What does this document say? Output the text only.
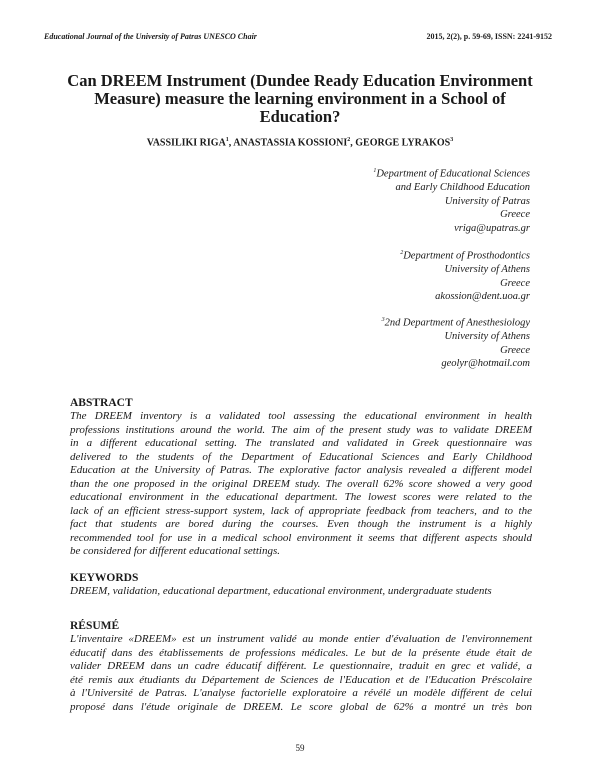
Educational Journal of the University of Patras UNESCO Chair	2015, 2(2), p. 59-69, ISSN: 2241-9152
Can DREEM Instrument (Dundee Ready Education Environment
Measure) measure the learning environment in a School of
Education?
VASSILIKI RIGA$^1$, ANASTASSIA KOSSIONI$^2$, GEORGE LYRAKOS$^3$
$^1$Department of Educational Sciences
and Early Childhood Education
University of Patras
Greece
vriga@upatras.gr
$^2$Department of Prosthodontics
University of Athens
Greece
akossion@dent.uoa.gr
$^3$2nd Department of Anesthesiology
University of Athens
Greece
geolyr@hotmail.com
ABSTRACT
The DREEM inventory is a validated tool assessing the educational environment in health
professions institutions around the world. The aim of the present study was to validate DREEM
in a different educational setting. The translated and validated in Greek questionnaire was
delivered to the students of the Department of Educational Sciences and Early Childhood
Education at the University of Patras. The explorative factor analysis revealed a different model
than the one proposed in the original DREEM study. The overall 62% score showed a very good
educational environment in the educational department. The lowest scores were related to the
lack of an efficient stress-support system, lack of appropriate feedback from teachers, and to the
fact that students are bored during the courses. Even though the instrument is a highly
recommended tool for use in a medical school environment it seems that different aspects should
be considered for different educational settings.
KEYWORDS
DREEM, validation, educational department, educational environment, undergraduate students
RÉSUMÉ
L'inventaire «DREEM» est un instrument validé au monde entier d'évaluation de l'environnement
éducatif dans des établissements de professions médicales. Le but de la présente étude était de
valider DREEM dans un cadre éducatif différent. Le questionnaire, traduit en grec et validé, a
été remis aux étudiants du Département de Sciences de l'Education et de l'Education Préscolaire
à l'Université de Patras. L'analyse factorielle exploratoire a révélé un modèle différent de celui
proposé dans l'étude originale de DREEM. Le score global de 62% a montré un très bon
59
